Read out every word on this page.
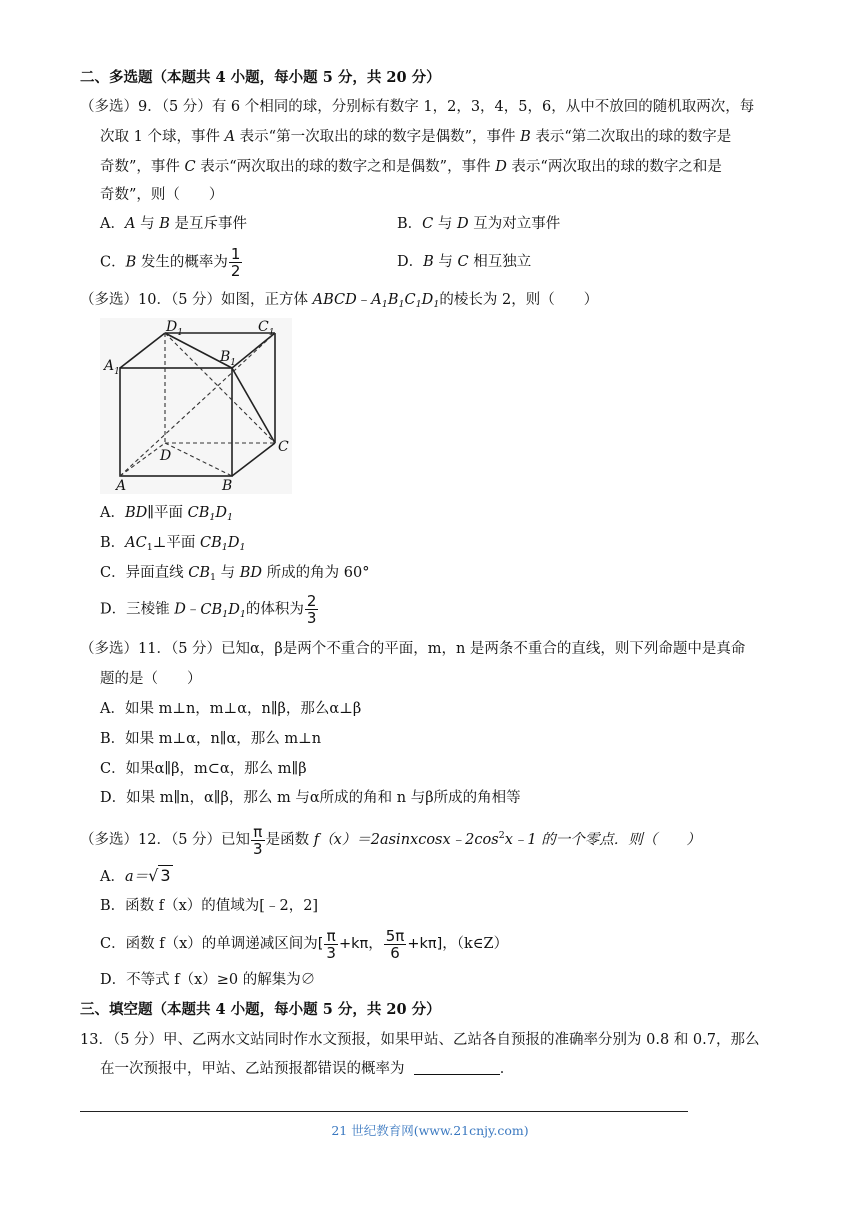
二、多选题（本题共 4 小题，每小题 5 分，共 20 分）
（多选）9．（5 分）有 6 个相同的球，分别标有数字 1，2，3，4，5，6，从中不放回的随机取两次，每
次取 1 个球，事件 A 表示“第一次取出的球的数字是偶数”，事件 B 表示“第二次取出的球的数字是
奇数”，事件 C 表示“两次取出的球的数字之和是偶数”，事件 D 表示“两次取出的球的数字之和是
奇数”，则（　　）
A．A 与 B 是互斥事件	B．C 与 D 互为对立事件
C．B 发生的概率为 $\frac{1}{2}$	D．B 与 C 相互独立
（多选）10．（5 分）如图，正方体 $ABCD﹣A_1B_1C_1D_1$的棱长为 2，则（　　）
$A_1$
$D_1$	$C_1$
$B_1$
C
D
A	B
A．BD∥平面 $CB_1D_1$
B．$AC_1\perp$平面 $CB_1D_1$
C．异面直线 $CB_1$ 与 BD 所成的角为 60°
D．三棱锥 $D﹣CB_1D_1$的体积为 $\frac{2}{3}$
（多选）11．（5 分）已知α，β是两个不重合的平面，m，n 是两条不重合的直线，则下列命题中是真命
题的是（　　）
A．如果 m⊥n，m⊥α，n∥β，那么α⊥β
B．如果 m⊥α，n∥α，那么 m⊥n
C．如果α∥β，m⊂α，那么 m∥β
D．如果 m∥n，α∥β，那么 m 与α所成的角和 n 与β所成的角相等
（多选）12．（5 分）已知 $\frac{\pi}{3}$ 是函数 $f(x)=2asinxcosx﹣2\cos^2x﹣1$ 的一个零点．则（　　）
A．a＝√ 3
B．函数 f（x）的值域为[﹣2，2]
C．函数 f（x）的单调递减区间为[ $\frac{\pi}{3} +k\pi$， $\frac{5\pi}{6} +k\pi$]，（k∈Z）
D．不等式 f（x）≥0 的解集为∅
三、填空题（本题共 4 小题，每小题 5 分，共 20 分）
13．（5 分）甲、乙两水文站同时作水文预报，如果甲站、乙站各自预报的准确率分别为 0.8 和 0.7，那么
在一次预报中，甲站、乙站预报都错误的概率为	．
21 世纪教育网(www.21cnjy.com)
